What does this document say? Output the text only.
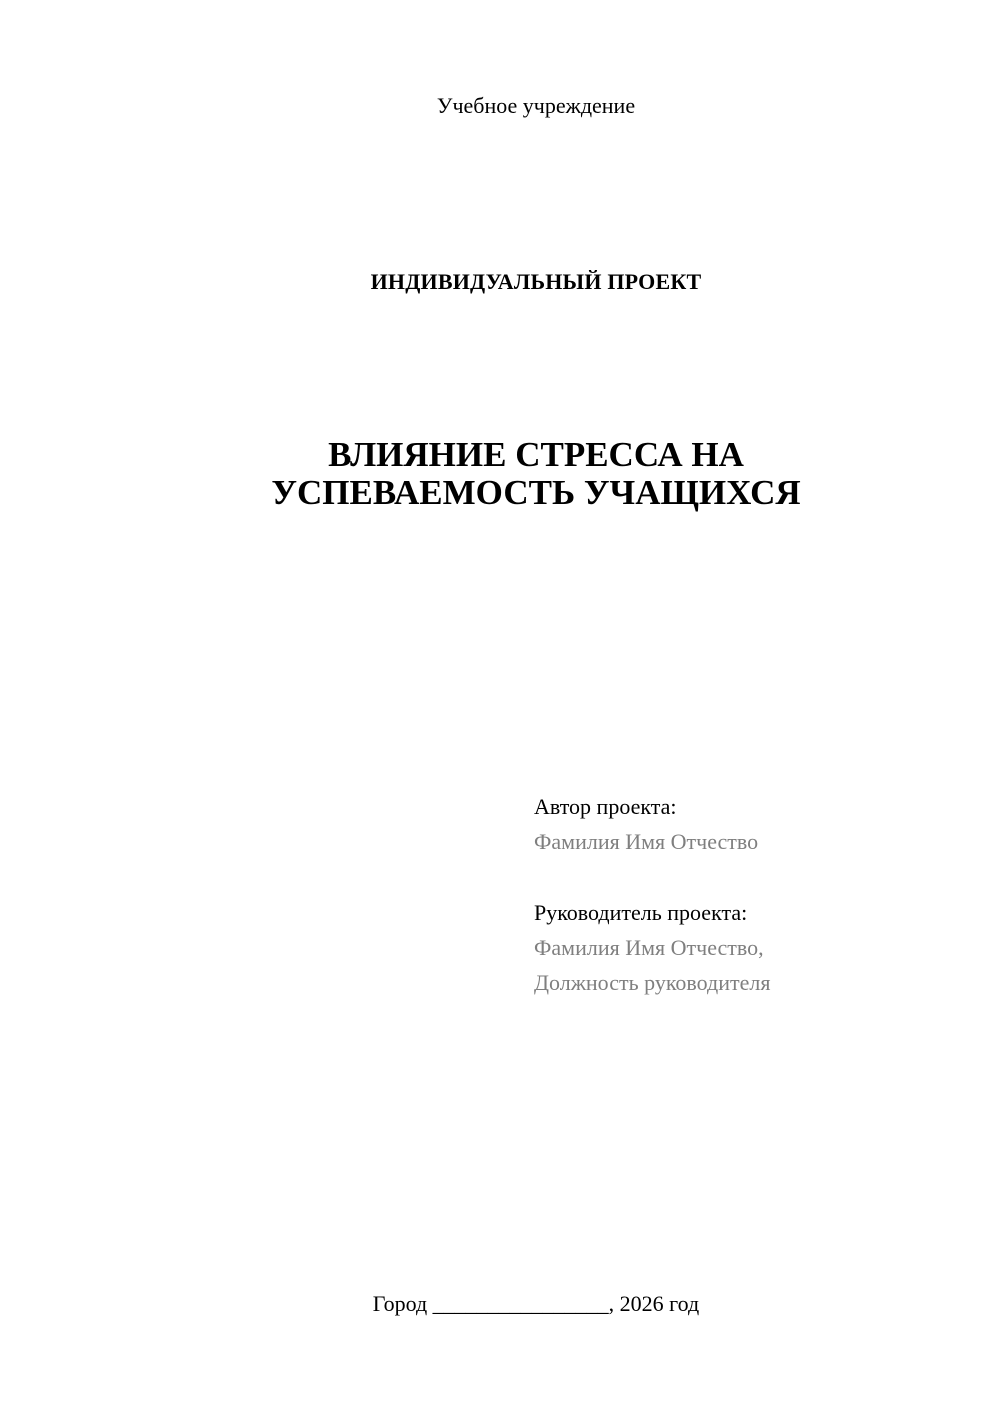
Учебное учреждение
ИНДИВИДУАЛЬНЫЙ ПРОЕКТ
ВЛИЯНИЕ СТРЕССА НА
УСПЕВАЕМОСТЬ УЧАЩИХСЯ
Автор проекта:
Фамилия Имя Отчество
Руководитель проекта:
Фамилия Имя Отчество,
Должность руководителя
Город ________________, 2026 год
